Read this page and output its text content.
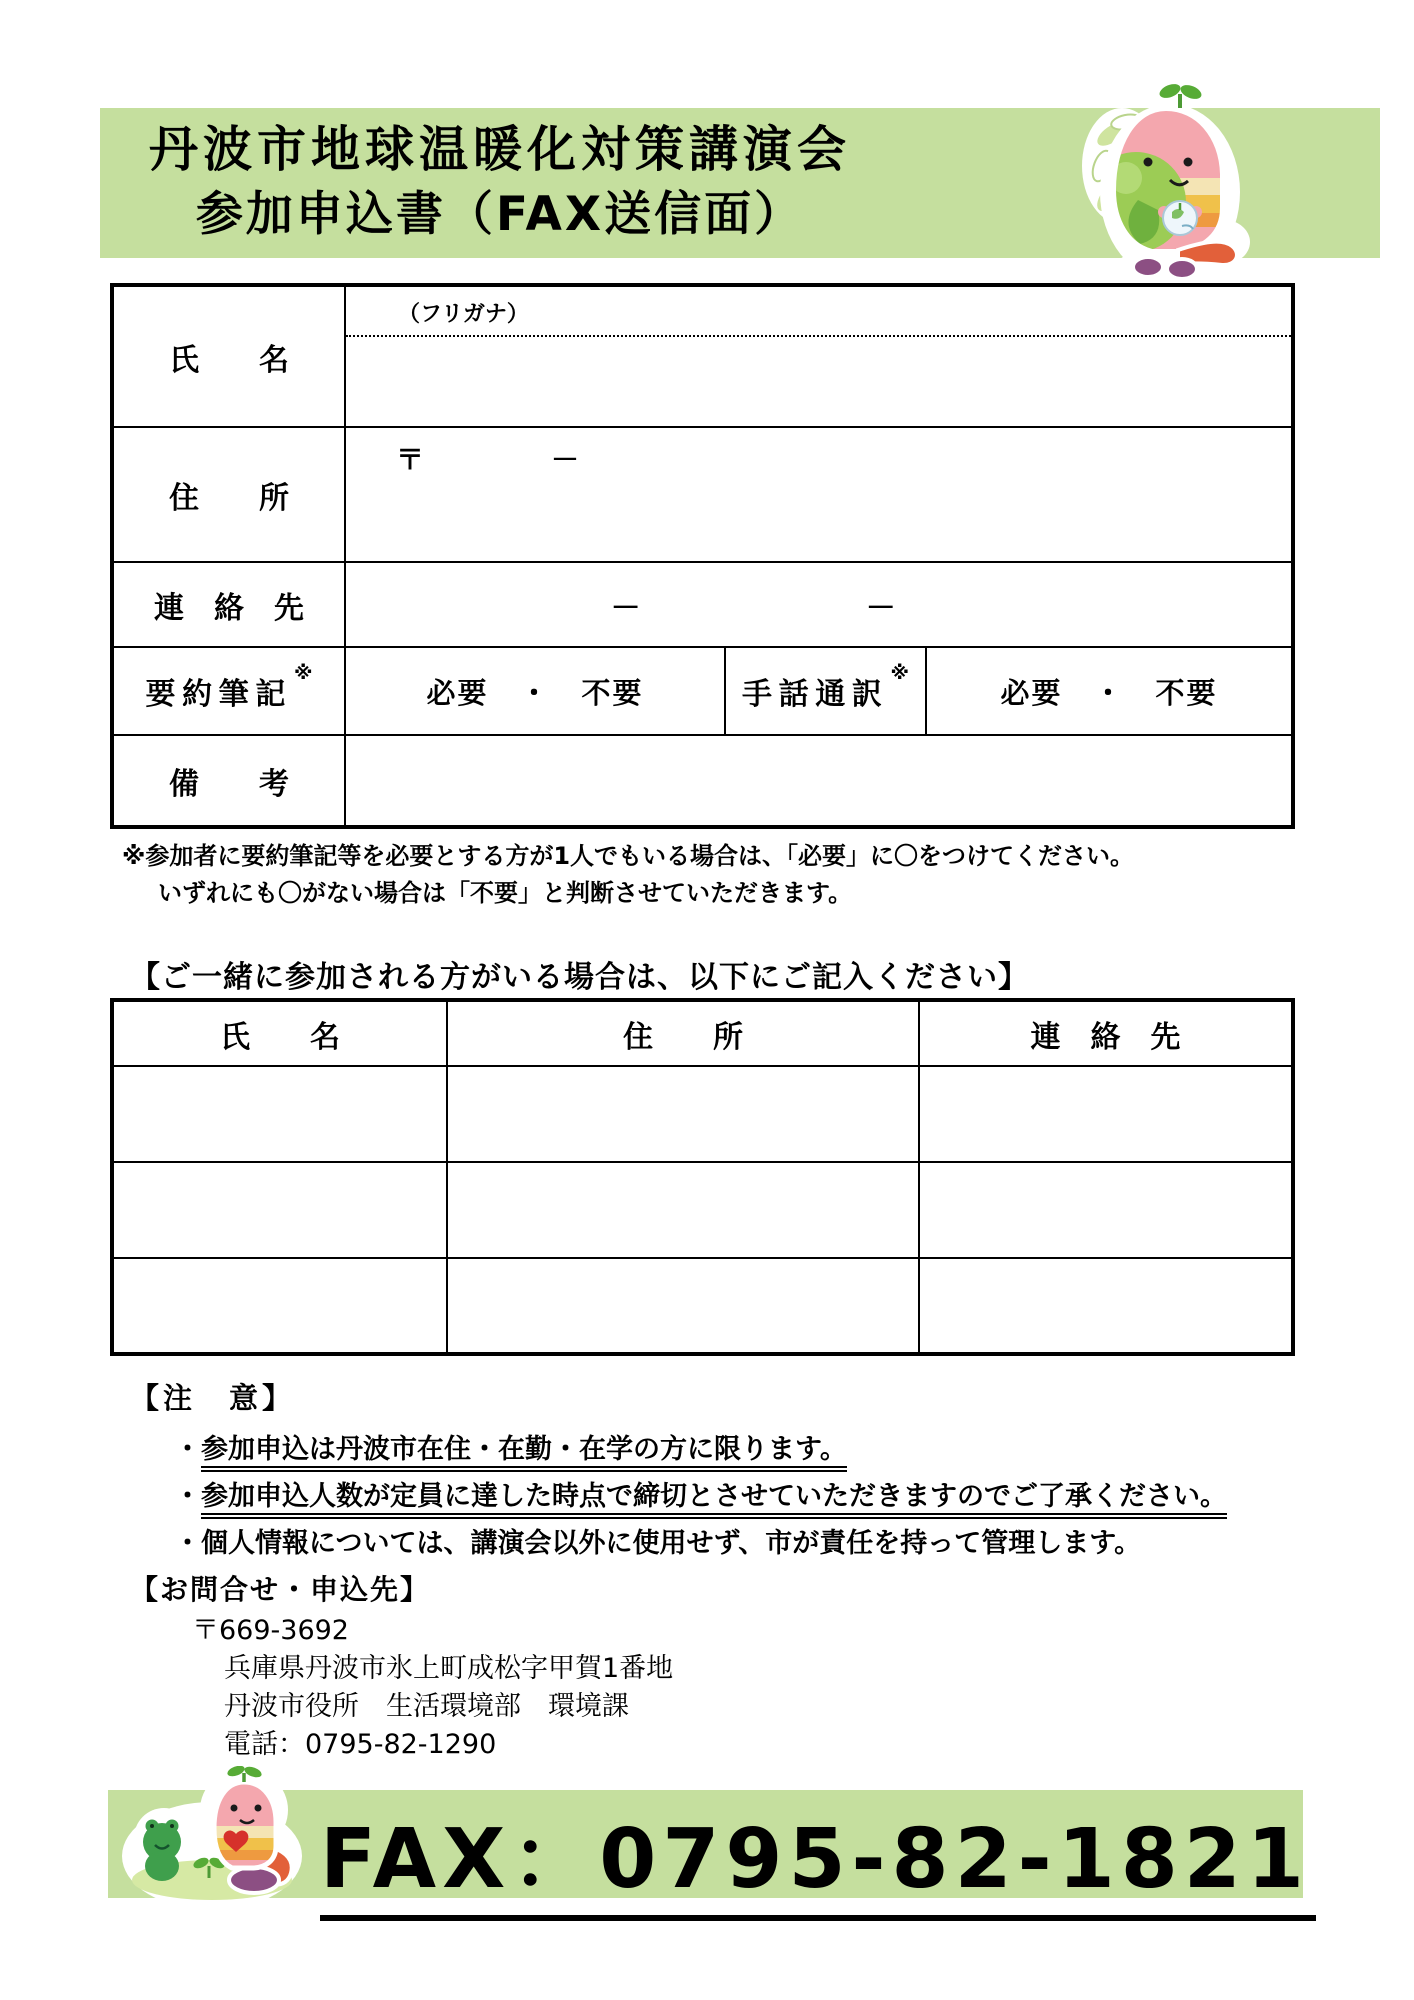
丹波市地球温暖化対策講演会
参加申込書（FAX送信面）
氏　　名	（フリガナ）		

住　　所	〒 －		

連　絡　先	－ －		

要約筆記※	必要　・　不要	手話通訳※	必要　・　不要
備　　考			
※参加者に要約筆記等を必要とする方が1人でもいる場合は、「必要」に〇をつけてください。
いずれにも〇がない場合は「不要」と判断させていただきます。
【ご一緒に参加される方がいる場合は、以下にご記入ください】
氏　　名	住　　所	連　絡　先

【注　意】
・参加申込は丹波市在住・在勤・在学の方に限ります。
・参加申込人数が定員に達した時点で締切とさせていただきますのでご了承ください。
・個人情報については、講演会以外に使用せず、市が責任を持って管理します。
【お問合せ・申込先】
〒669-3692
兵庫県丹波市氷上町成松字甲賀1番地
丹波市役所　生活環境部　環境課
電話：0795-82-1290
FAX：0795-82-1821
